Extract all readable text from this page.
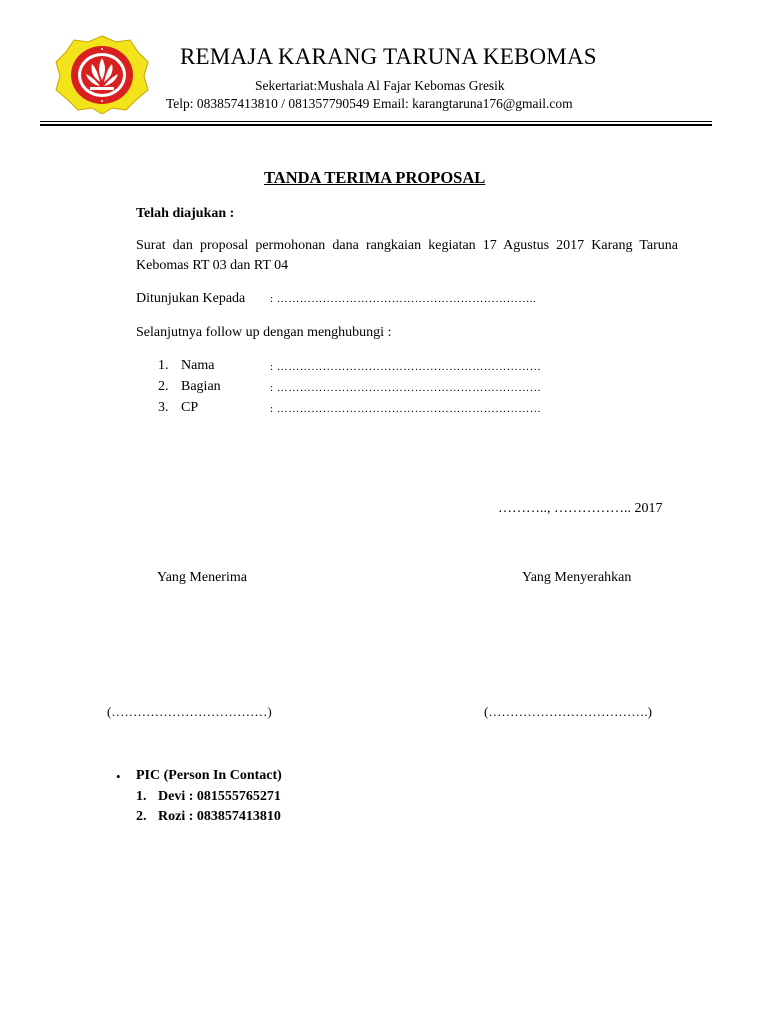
REMAJA KARANG TARUNA KEBOMAS
Sekertariat:Mushala Al Fajar Kebomas Gresik
Telp: 083857413810 / 081357790549 Email: karangtaruna176@gmail.com
TANDA TERIMA PROPOSAL
Telah diajukan :
Surat dan proposal permohonan dana rangkaian kegiatan 17 Agustus 2017 Karang Taruna Kebomas RT 03 dan RT 04
Ditunjukan Kepada : …………………………………………………………..
Selanjutnya follow up dengan menghubungi :
1. Nama	: ……………………………………………………………
2. Bagian	: ……………………………………………………………
3. CP	: ……………………………………………………………
……….., …………….. 2017
Yang Menerima	Yang Menyerahkan
(………………………………)	(……………………………….)
• PIC (Person In Contact)
1. Devi : 081555765271
2. Rozi : 083857413810
